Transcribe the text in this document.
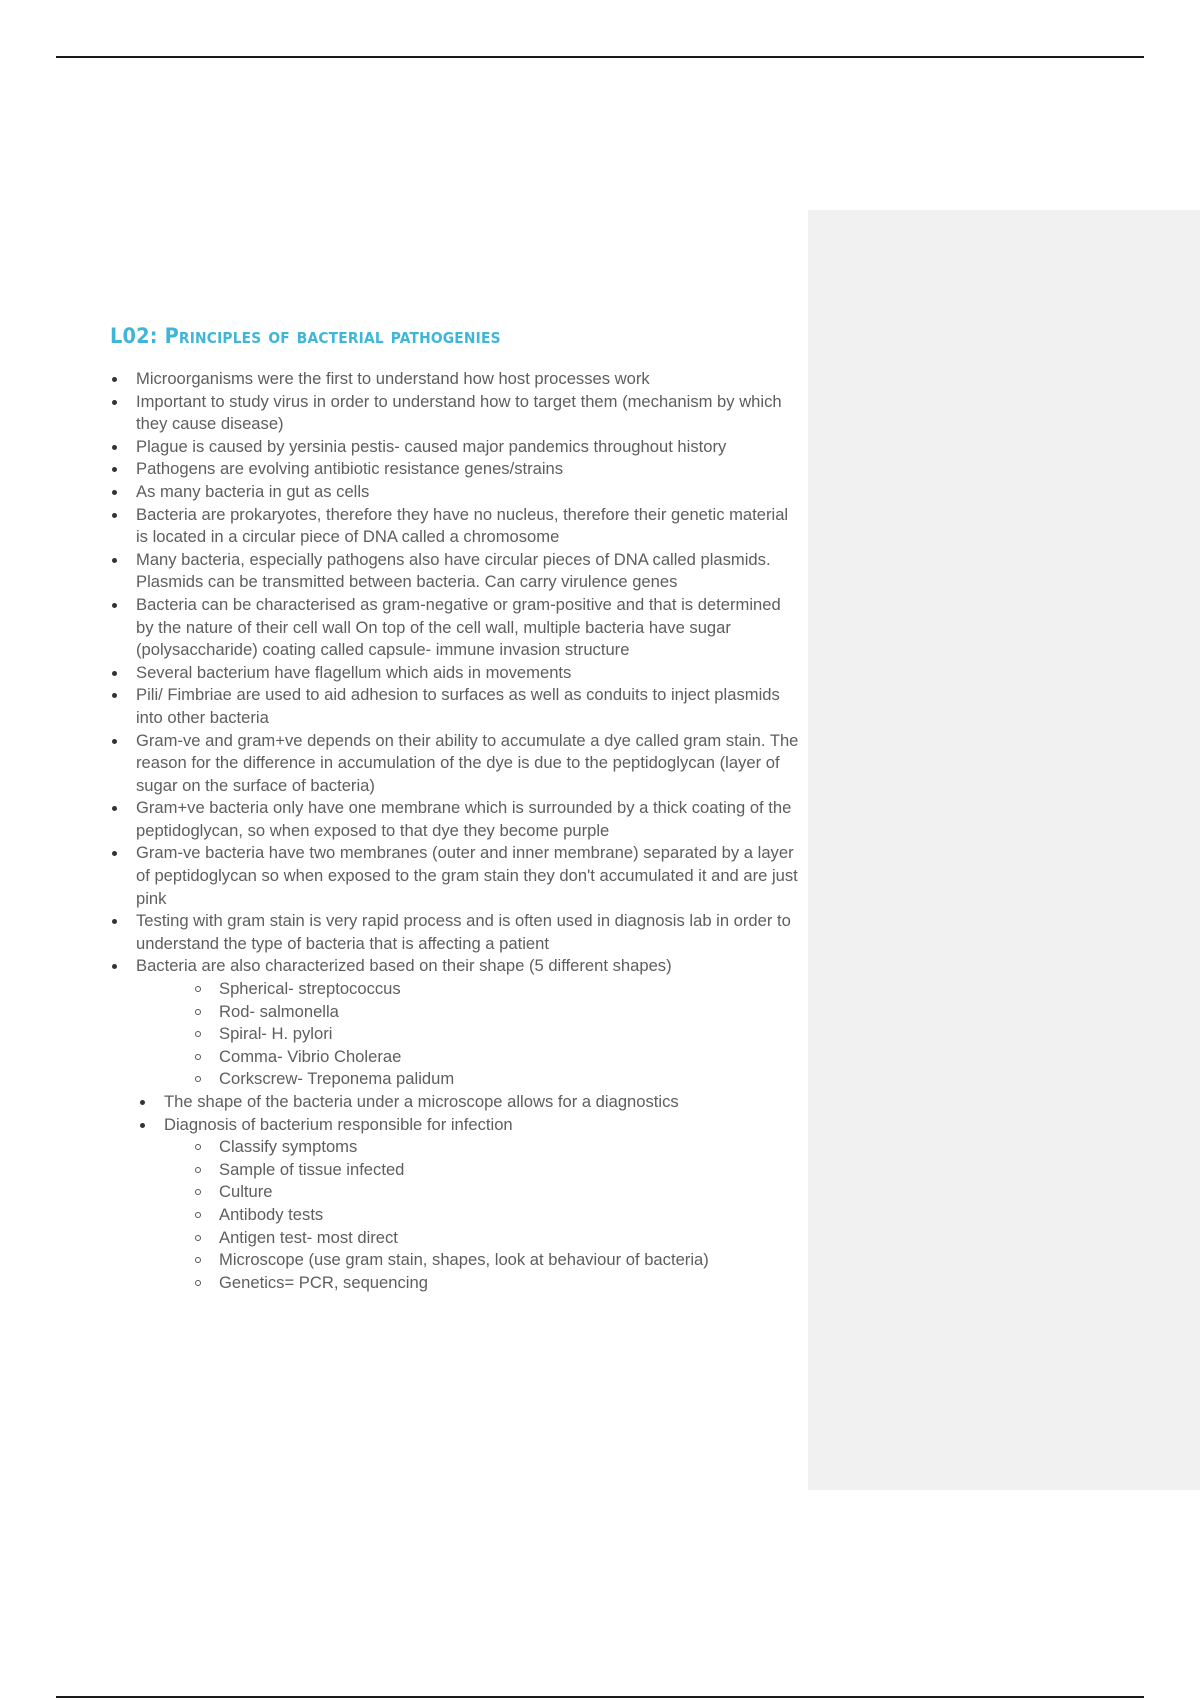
L02: Principles of bacterial pathogenies
Microorganisms were the first to understand how host processes work
Important to study virus in order to understand how to target them (mechanism by which they cause disease)
Plague is caused by yersinia pestis- caused major pandemics throughout history
Pathogens are evolving antibiotic resistance genes/strains
As many bacteria in gut as cells
Bacteria are prokaryotes, therefore they have no nucleus, therefore their genetic material is located in a circular piece of DNA called a chromosome
Many bacteria, especially pathogens also have circular pieces of DNA called plasmids. Plasmids can be transmitted between bacteria. Can carry virulence genes
Bacteria can be characterised as gram-negative or gram-positive and that is determined by the nature of their cell wall On top of the cell wall, multiple bacteria have sugar (polysaccharide) coating called capsule- immune invasion structure
Several bacterium have flagellum which aids in movements
Pili/ Fimbriae are used to aid adhesion to surfaces as well as conduits to inject plasmids into other bacteria
Gram-ve and gram+ve depends on their ability to accumulate a dye called gram stain. The reason for the difference in accumulation of the dye is due to the peptidoglycan (layer of sugar on the surface of bacteria)
Gram+ve bacteria only have one membrane which is surrounded by a thick coating of the peptidoglycan, so when exposed to that dye they become purple
Gram-ve bacteria have two membranes (outer and inner membrane) separated by a layer of peptidoglycan so when exposed to the gram stain they don't accumulated it and are just pink
Testing with gram stain is very rapid process and is often used in diagnosis lab in order to understand the type of bacteria that is affecting a patient
Bacteria are also characterized based on their shape (5 different shapes)
Spherical- streptococcus
Rod- salmonella
Spiral- H. pylori
Comma- Vibrio Cholerae
Corkscrew- Treponema palidum
The shape of the bacteria under a microscope allows for a diagnostics
Diagnosis of bacterium responsible for infection
Classify symptoms
Sample of tissue infected
Culture
Antibody tests
Antigen test- most direct
Microscope (use gram stain, shapes, look at behaviour of bacteria)
Genetics= PCR, sequencing
